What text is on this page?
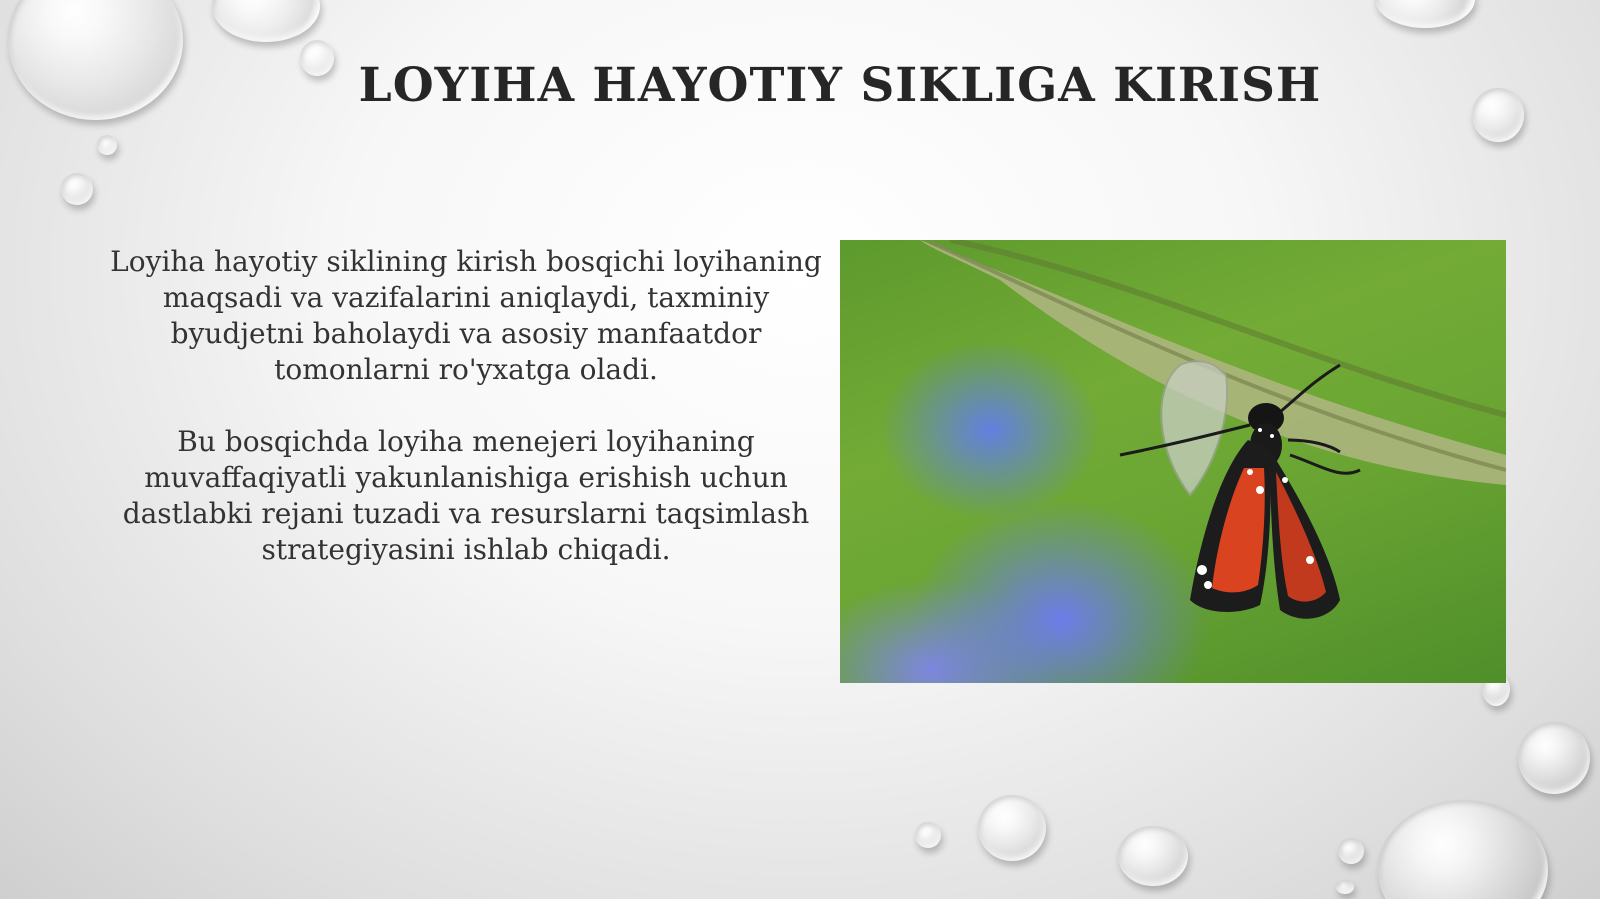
LOYIHA HAYOTIY SIKLIGA KIRISH

Loyiha hayotiy siklining kirish bosqichi loyihaning maqsadi va vazifalarini aniqlaydi, taxminiy byudjetni baholaydi va asosiy manfaatdor tomonlarni ro'yxatga oladi.

Bu bosqichda loyiha menejeri loyihaning muvaffaqiyatli yakunlanishiga erishish uchun dastlabki rejani tuzadi va resurslarni taqsimlash strategiyasini ishlab chiqadi.
